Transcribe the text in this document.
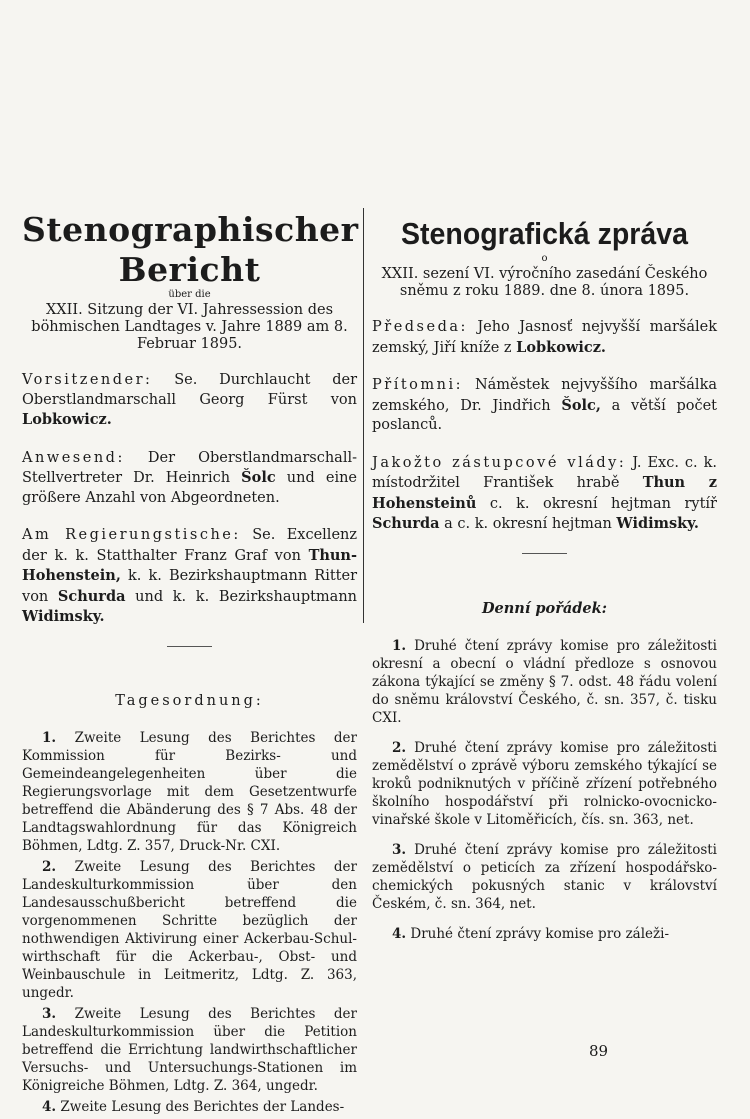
Stenographischer Bericht
über die
XXII. Sitzung der VI. Jahressession des böhmischen Landtages v. Jahre 1889 am 8. Februar 1895.

Vorsitzender: Se. Durchlaucht der Oberstlandmarschall Georg Fürst von Lobkowicz.

Anwesend: Der Oberstlandmarschall-Stellvertreter Dr. Heinrich Šolc und eine größere Anzahl von Abgeordneten.

Am Regierungstische: Se. Excellenz der k. k. Statthalter Franz Graf von Thun-Hohenstein, k. k. Bezirkshauptmann Ritter von Schurda und k. k. Bezirkshauptmann Widimsky.

Tagesordnung:

1. Zweite Lesung des Berichtes der Kommission für Bezirks- und Gemeindeangelegenheiten über die Regierungsvorlage mit dem Gesetzentwurfe betreffend die Abänderung des § 7 Abs. 48 der Landtagswahlordnung für das Königreich Böhmen, Ldtg. Z. 357, Druck-Nr. CXI.

2. Zweite Lesung des Berichtes der Landeskulturkommission über den Landesausschußbericht betreffend die vorgenommenen Schritte bezüglich der nothwendigen Aktivirung einer Ackerbau-Schul-wirthschaft für die Ackerbau-, Obst- und Weinbauschule in Leitmeritz, Ldtg. Z. 363, ungedr.

3. Zweite Lesung des Berichtes der Landeskulturkommission über die Petition betreffend die Errichtung landwirthschaftlicher Versuchs- und Untersuchungs-Stationen im Königreiche Böhmen, Ldtg. Z. 364, ungedr.

4. Zweite Lesung des Berichtes der Landes-

Stenografická zpráva
o
XXII. sezení VI. výročního zasedání Českého sněmu z roku 1889. dne 8. února 1895.

Předseda: Jeho Jasnosť nejvyšší maršálek zemský, Jiří kníže z Lobkowicz.

Přítomni: Náměstek nejvyššího maršálka zemského, Dr. Jindřich Šolc, a větší počet poslanců.

Jakožto zástupcové vlády: J. Exc. c. k. místodržitel František hrabě Thun z Hohensteinů c. k. okresní hejtman rytíř Schurda a c. k. okresní hejtman Widimsky.

Denní pořádek:

1. Druhé čtení zprávy komise pro záležitosti okresní a obecní o vládní předloze s osnovou zákona týkající se změny § 7. odst. 48 řádu volení do sněmu království Českého, č. sn. 357, č. tisku CXI.

2. Druhé čtení zprávy komise pro záležitosti zemědělství o zprávě výboru zemského týkající se kroků podniknutých v příčině zřízení potřebného školního hospodářství při rolnicko-ovocnicko-vinařské škole v Litoměřicích, čís. sn. 363, net.

3. Druhé čtení zprávy komise pro záležitosti zemědělství o peticích za zřízení hospodářsko-chemických pokusných stanic v království Českém, č. sn. 364, net.

4. Druhé čtení zprávy komise pro záleži-

89
